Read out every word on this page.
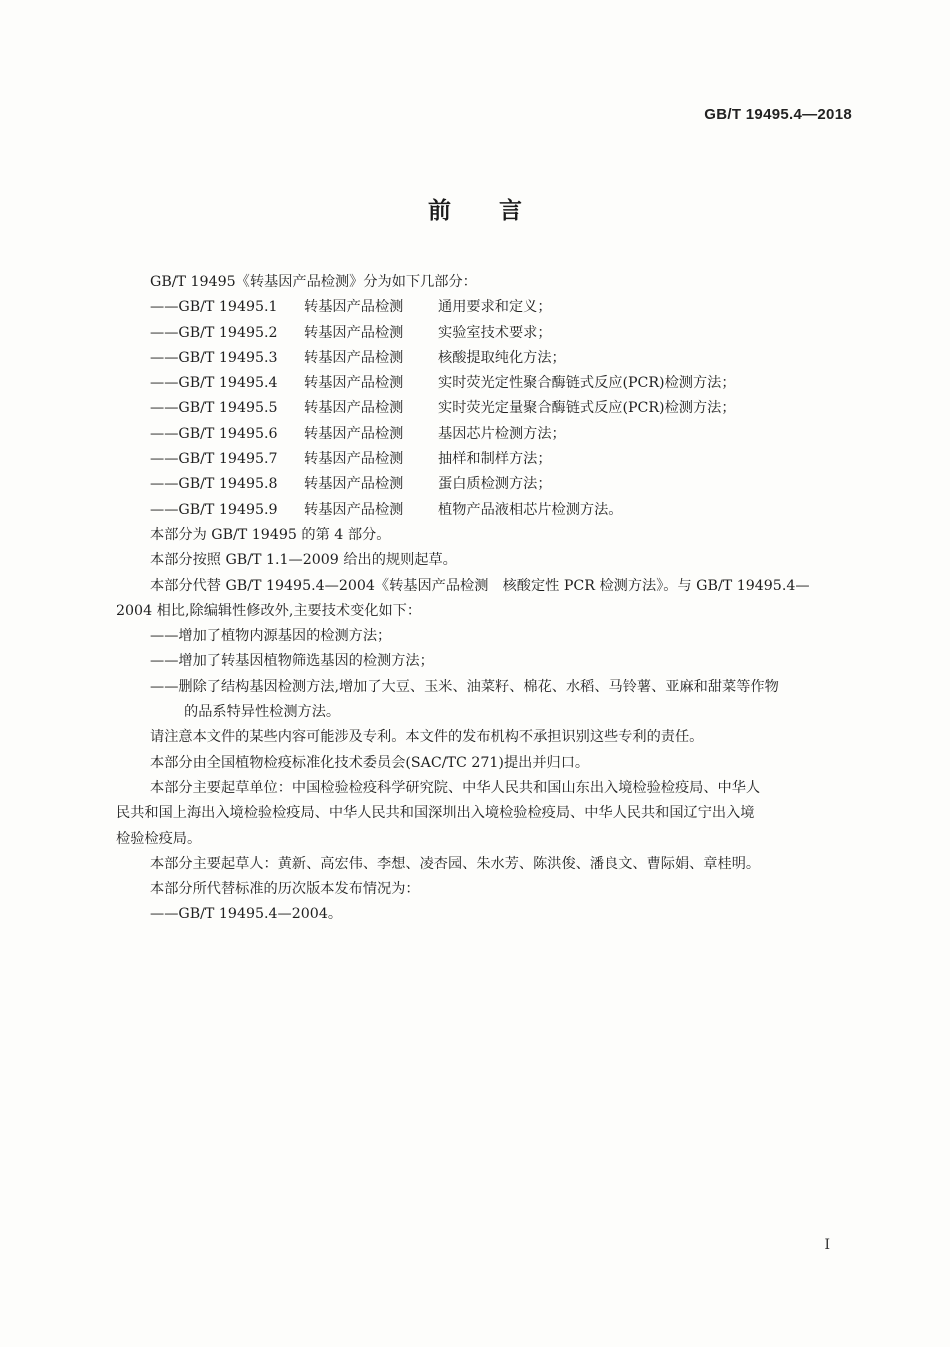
GB/T 19495.4—2018
前言

GB/T 19495《转基因产品检测》分为如下几部分：

——GB/T 19495.1 转基因产品检测 通用要求和定义；

——GB/T 19495.2 转基因产品检测 实验室技术要求；

——GB/T 19495.3 转基因产品检测 核酸提取纯化方法；

——GB/T 19495.4 转基因产品检测 实时荧光定性聚合酶链式反应(PCR)检测方法；

——GB/T 19495.5 转基因产品检测 实时荧光定量聚合酶链式反应(PCR)检测方法；

——GB/T 19495.6 转基因产品检测 基因芯片检测方法；

——GB/T 19495.7 转基因产品检测 抽样和制样方法；

——GB/T 19495.8 转基因产品检测 蛋白质检测方法；

——GB/T 19495.9 转基因产品检测 植物产品液相芯片检测方法。

本部分为 GB/T 19495 的第 4 部分。

本部分按照 GB/T 1.1—2009 给出的规则起草。

本部分代替 GB/T 19495.4—2004《转基因产品检测　核酸定性 PCR 检测方法》。与 GB/T 19495.4—

2004 相比,除编辑性修改外,主要技术变化如下：

——增加了植物内源基因的检测方法；

——增加了转基因植物筛选基因的检测方法；

——删除了结构基因检测方法,增加了大豆、玉米、油菜籽、棉花、水稻、马铃薯、亚麻和甜菜等作物

的品系特异性检测方法。

请注意本文件的某些内容可能涉及专利。本文件的发布机构不承担识别这些专利的责任。

本部分由全国植物检疫标准化技术委员会(SAC/TC 271)提出并归口。

本部分主要起草单位：中国检验检疫科学研究院、中华人民共和国山东出入境检验检疫局、中华人

民共和国上海出入境检验检疫局、中华人民共和国深圳出入境检验检疫局、中华人民共和国辽宁出入境

检验检疫局。

本部分主要起草人：黄新、高宏伟、李想、凌杏园、朱水芳、陈洪俊、潘良文、曹际娟、章桂明。

本部分所代替标准的历次版本发布情况为：

——GB/T 19495.4—2004。

I
